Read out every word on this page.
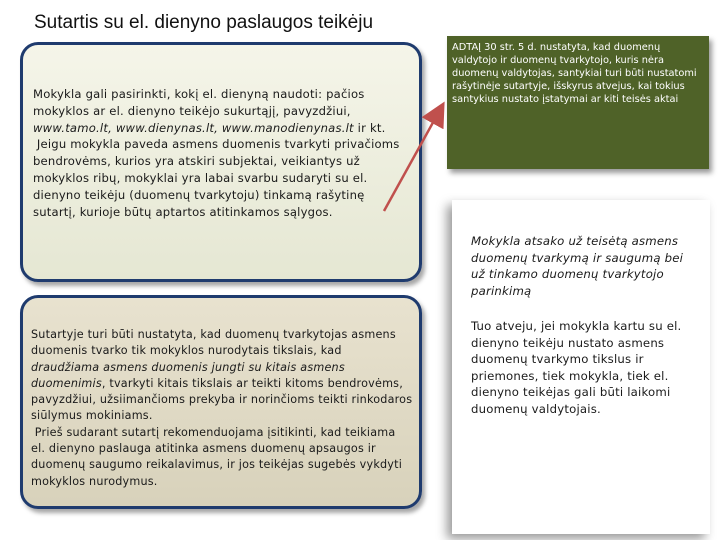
Sutartis su el. dienyno paslaugos teikėju

Mokykla gali pasirinkti, kokį el. dienyną naudoti: pačios mokyklos ar el. dienyno teikėjo sukurtąjį, pavyzdžiui, www.tamo.lt, www.dienynas.lt, www.manodienynas.lt ir kt.

Jeigu mokykla paveda asmens duomenis tvarkyti privačioms bendrovėms, kurios yra atskiri subjektai, veikiantys už mokyklos ribų, mokyklai yra labai svarbu sudaryti su el. dienyno teikėju (duomenų tvarkytoju) tinkamą rašytinę sutartį, kurioje būtų aptartos atitinkamos sąlygos.

Sutartyje turi būti nustatyta, kad duomenų tvarkytojas asmens duomenis tvarko tik mokyklos nurodytais tikslais, kad draudžiama asmens duomenis jungti su kitais asmens duomenimis, tvarkyti kitais tikslais ar teikti kitoms bendrovėms, pavyzdžiui, užsiimančioms prekyba ir norinčioms teikti rinkodaros siūlymus mokiniams.

Prieš sudarant sutartį rekomenduojama įsitikinti, kad teikiama el. dienyno paslauga atitinka asmens duomenų apsaugos ir duomenų saugumo reikalavimus, ir jos teikėjas sugebės vykdyti mokyklos nurodymus.

ADTAĮ 30 str. 5 d. nustatyta, kad duomenų valdytojo ir duomenų tvarkytojo, kuris nėra duomenų valdytojas, santykiai turi būti nustatomi rašytinėje sutartyje, išskyrus atvejus, kai tokius santykius nustato įstatymai ar kiti teisės aktai
Mokykla atsako už teisėtą asmens duomenų tvarkymą ir saugumą bei už tinkamo duomenų tvarkytojo parinkimą
Tuo atveju, jei mokykla kartu su el. dienyno teikėju nustato asmens duomenų tvarkymo tikslus ir priemones, tiek mokykla, tiek el. dienyno teikėjas gali būti laikomi duomenų valdytojais.
